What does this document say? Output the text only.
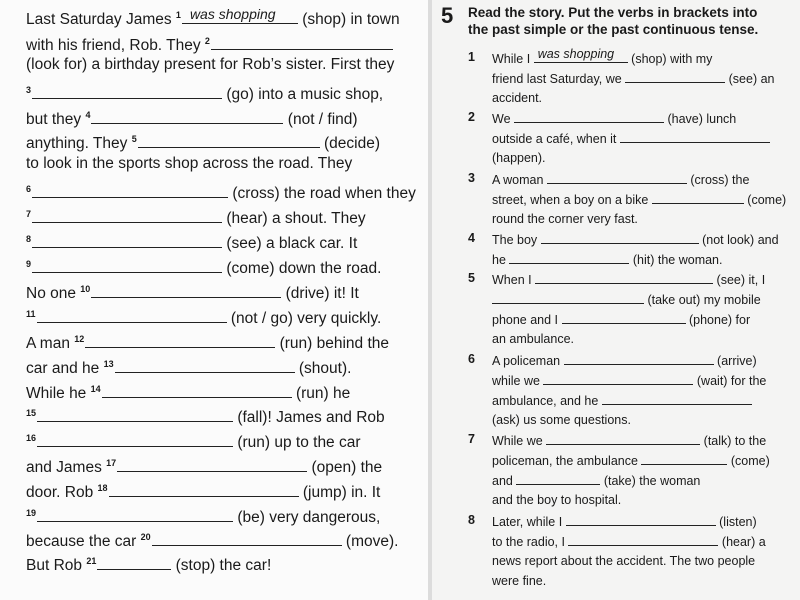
Last Saturday James $^1$ was shopping (shop) in town
with his friend, Rob. They $^2$
(look for) a birthday present for Rob’s sister. First they
$^3$	(go) into a music shop,
but they $^4$	(not / find)
anything. They $^5$	(decide)
to look in the sports shop across the road. They
$^6$	(cross) the road when they
$^7$	(hear) a shout. They
$^8$	(see) a black car. It
$^9$	(come) down the road.
No one $^{10}$	(drive) it! It
$^{11}$	(not / go) very quickly.
A man $^{12}$	(run) behind the
car and he $^{13}$	(shout).
While he $^{14}$	(run) he
$^{15}$	(fall)! James and Rob
$^{16}$	(run) up to the car
and James $^{17}$	(open) the
door. Rob $^{18}$	(jump) in. It
$^{19}$	(be) very dangerous,
because the car $^{20}$	(move).
But Rob $^{21}$	(stop) the car!
5 Read the story. Put the verbs in brackets into
the past simple or the past continuous tense.
1 While I was shopping (shop) with my
friend last Saturday, we	(see) an
accident.
2 We	(have) lunch
outside a café, when it
(happen).
3 A woman	(cross) the
street, when a boy on a bike	(come)
round the corner very fast.
4 The boy	(not look) and
he	(hit) the woman.
5 When I	(see) it, I
(take out) my mobile
phone and I	(phone) for
an ambulance.
6 A policeman	(arrive)
while we	(wait) for the
ambulance, and he
(ask) us some questions.
7 While we	(talk) to the
policeman, the ambulance	(come)
and	(take) the woman
and the boy to hospital.
8 Later, while I	(listen)
to the radio, I	(hear) a
news report about the accident. The two people
were fine.
